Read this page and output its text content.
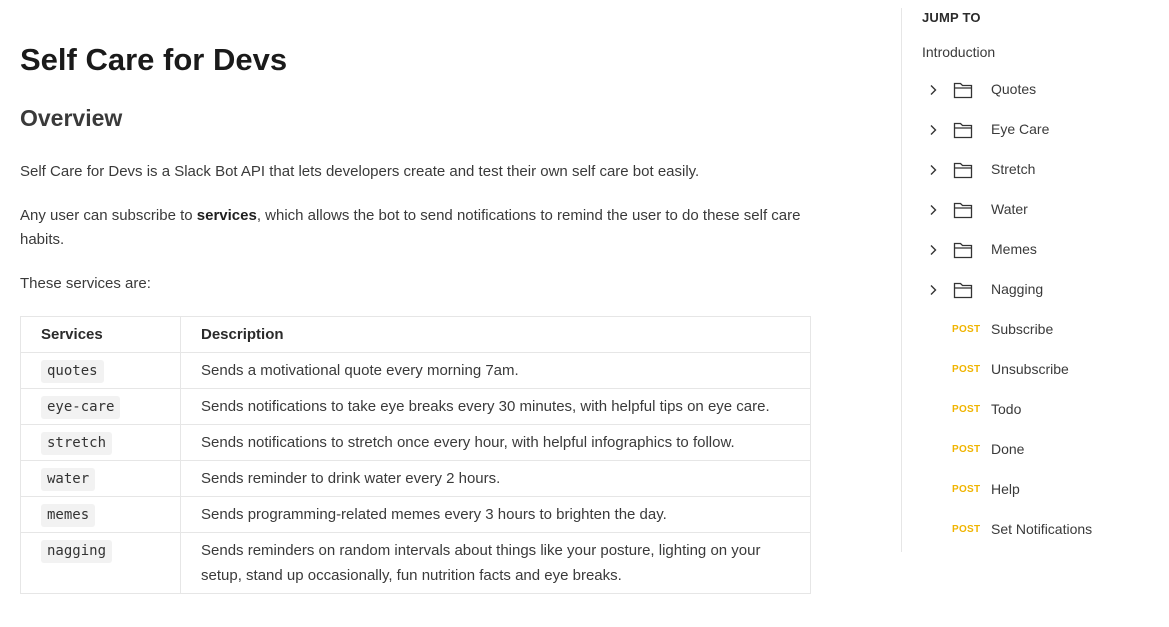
Self Care for Devs
Overview

Self Care for Devs is a Slack Bot API that lets developers create and test their own self care bot easily.

Any user can subscribe to services, which allows the bot to send notifications to remind the user to do these self care habits.

These services are:

Services	Description
quotes	Sends a motivational quote every morning 7am.
eye-care	Sends notifications to take eye breaks every 30 minutes, with helpful tips on eye care.
stretch	Sends notifications to stretch once every hour, with helpful infographics to follow.
water	Sends reminder to drink water every 2 hours.
memes	Sends programming-related memes every 3 hours to brighten the day.
nagging	Sends reminders on random intervals about things like your posture, lighting on your setup, stand up occasionally, fun nutrition facts and eye breaks.
JUMP TO
Introduction
Quotes
Eye Care
Stretch
Water
Memes
Nagging
POST Subscribe
POST Unsubscribe
POST Todo
POST Done
POST Help
POST Set Notifications
